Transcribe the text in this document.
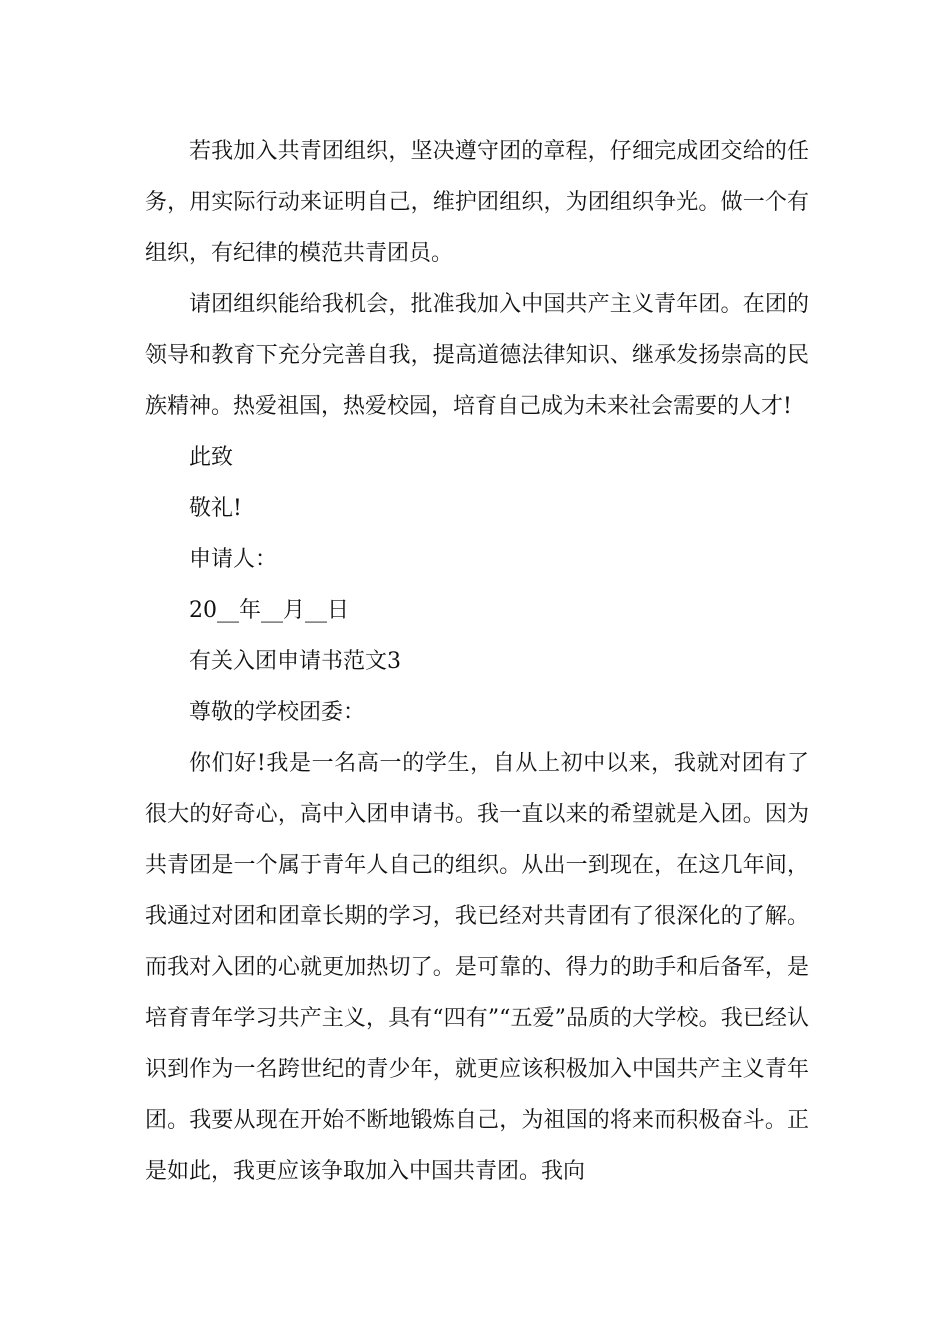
若我加入共青团组织，坚决遵守团的章程，仔细完成团交给的任务，用实际行动来证明自己，维护团组织，为团组织争光。做一个有组织，有纪律的模范共青团员。

请团组织能给我机会，批准我加入中国共产主义青年团。在团的领导和教育下充分完善自我，提高道德法律知识、继承发扬崇高的民族精神。热爱祖国，热爱校园，培育自己成为未来社会需要的人才!

此致

敬礼!

申请人：

20__年__月__日

有关入团申请书范文3

尊敬的学校团委：

你们好!我是一名高一的学生，自从上初中以来，我就对团有了很大的好奇心，高中入团申请书。我一直以来的希望就是入团。因为共青团是一个属于青年人自己的组织。从出一到现在，在这几年间，我通过对团和团章长期的学习，我已经对共青团有了很深化的了解。而我对入团的心就更加热切了。是可靠的、得力的助手和后备军，是培育青年学习共产主义，具有“四有”“五爱”品质的大学校。我已经认识到作为一名跨世纪的青少年，就更应该积极加入中国共产主义青年团。我要从现在开始不断地锻炼自己，为祖国的将来而积极奋斗。正是如此，我更应该争取加入中国共青团。我向
